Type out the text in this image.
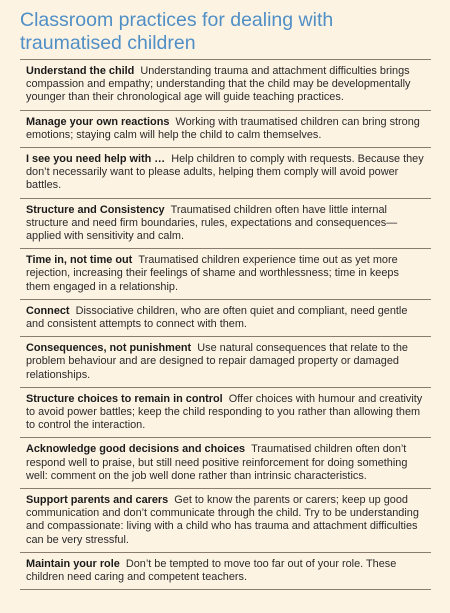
Classroom practices for dealing with traumatised children
Understand the child Understanding trauma and attachment difficulties brings compassion and empathy; understanding that the child may be developmentally younger than their chronological age will guide teaching practices.
Manage your own reactions Working with traumatised children can bring strong emotions; staying calm will help the child to calm themselves.
I see you need help with … Help children to comply with requests. Because they don’t necessarily want to please adults, helping them comply will avoid power battles.
Structure and Consistency Traumatised children often have little internal structure and need firm boundaries, rules, expectations and consequences—applied with sensitivity and calm.
Time in, not time out Traumatised children experience time out as yet more rejection, increasing their feelings of shame and worthlessness; time in keeps them engaged in a relationship.
Connect Dissociative children, who are often quiet and compliant, need gentle and consistent attempts to connect with them.
Consequences, not punishment Use natural consequences that relate to the problem behaviour and are designed to repair damaged property or damaged relationships.
Structure choices to remain in control Offer choices with humour and creativity to avoid power battles; keep the child responding to you rather than allowing them to control the interaction.
Acknowledge good decisions and choices Traumatised children often don’t respond well to praise, but still need positive reinforcement for doing something well: comment on the job well done rather than intrinsic characteristics.
Support parents and carers Get to know the parents or carers; keep up good communication and don’t communicate through the child. Try to be understanding and compassionate: living with a child who has trauma and attachment difficulties can be very stressful.
Maintain your role Don’t be tempted to move too far out of your role. These children need caring and competent teachers.
